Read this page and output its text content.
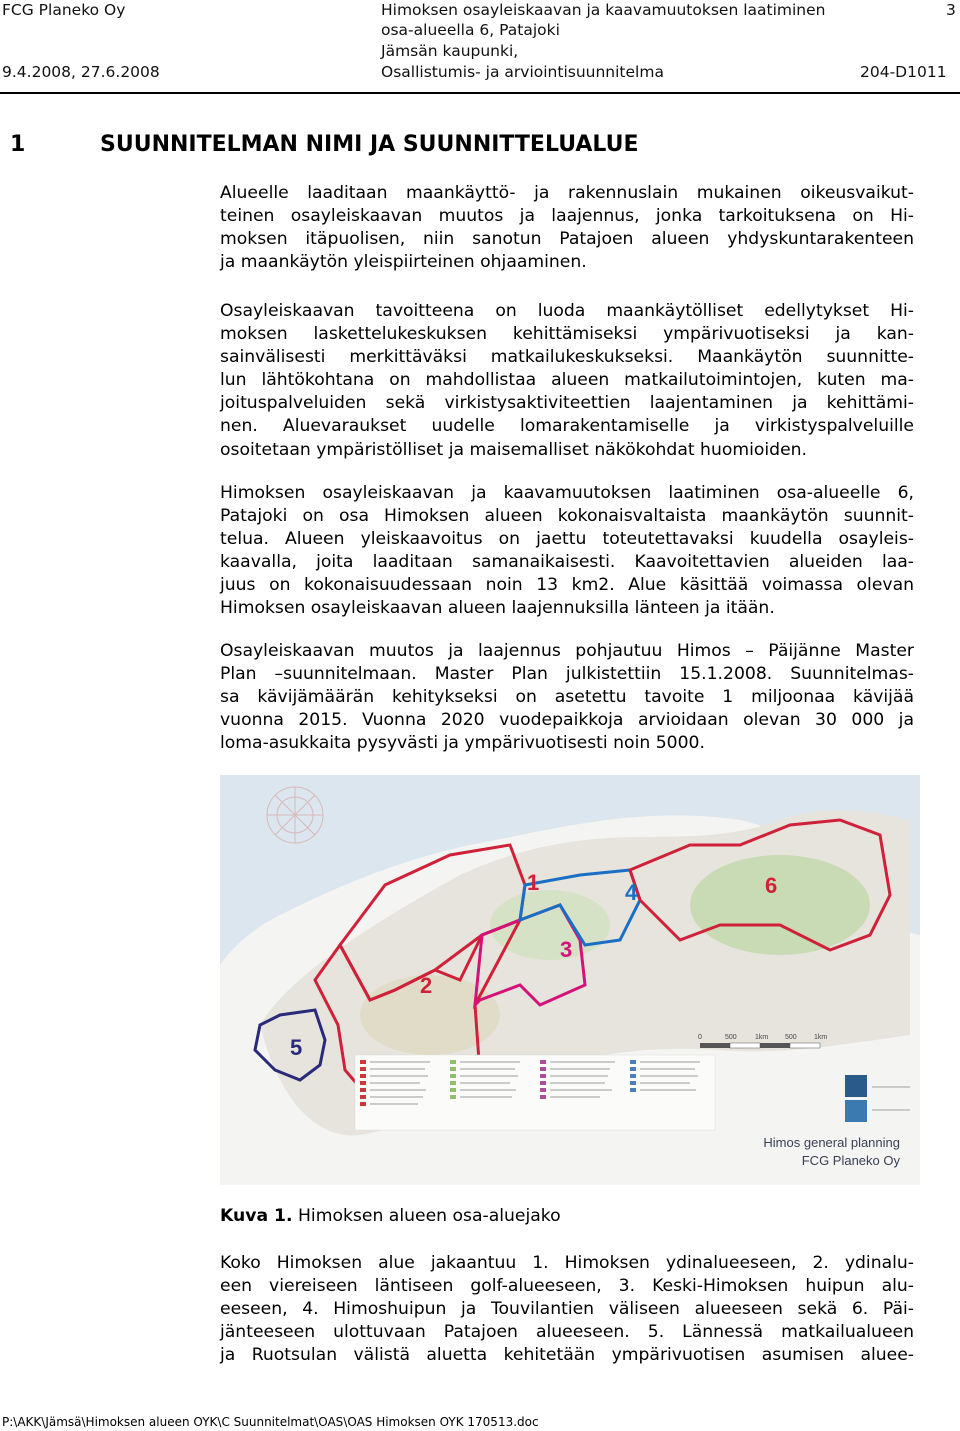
FCG Planeko Oy
9.4.2008, 27.6.2008
Himoksen osayleiskaavan ja kaavamuutoksen laatiminen
osa-alueella 6, Patajoki
Jämsän kaupunki,
Osallistumis- ja arviointisuunnitelma
3
204-D1011
1	SUUNNITELMAN NIMI JA SUUNNITTELUALUE

Alueelle laaditaan maankäyttö- ja rakennuslain mukainen oikeusvaikut-
teinen osayleiskaavan muutos ja laajennus, jonka tarkoituksena on Hi-
moksen itäpuolisen, niin sanotun Patajoen alueen yhdyskuntarakenteen
ja maankäytön yleispiirteinen ohjaaminen.

Osayleiskaavan tavoitteena on luoda maankäytölliset edellytykset Hi-
moksen laskettelukeskuksen kehittämiseksi ympärivuotiseksi ja kan-
sainvälisesti merkittäväksi matkailukeskukseksi. Maankäytön suunnitte-
lun lähtökohtana on mahdollistaa alueen matkailutoimintojen, kuten ma-
joituspalveluiden sekä virkistysaktiviteettien laajentaminen ja kehittämi-
nen. Aluevaraukset uudelle lomarakentamiselle ja virkistyspalveluille
osoitetaan ympäristölliset ja maisemalliset näkökohdat huomioiden.

Himoksen osayleiskaavan ja kaavamuutoksen laatiminen osa-alueelle 6,
Patajoki on osa Himoksen alueen kokonaisvaltaista maankäytön suunnit-
telua. Alueen yleiskaavoitus on jaettu toteutettavaksi kuudella osayleis-
kaavalla, joita laaditaan samanaikaisesti. Kaavoitettavien alueiden laa-
juus on kokonaisuudessaan noin 13 km2. Alue käsittää voimassa olevan
Himoksen osayleiskaavan alueen laajennuksilla länteen ja itään.

Osayleiskaavan muutos ja laajennus pohjautuu Himos – Päijänne Master
Plan –suunnitelmaan. Master Plan julkistettiin 15.1.2008. Suunnitelmas-
sa kävijämäärän kehitykseksi on asetettu tavoite 1 miljoonaa kävijää
vuonna 2015. Vuonna 2020 vuodepaikkoja arvioidaan olevan 30 000 ja
loma-asukkaita pysyvästi ja ympärivuotisesti noin 5000.

1
2
3
4
5
6
0	500	1km 500 1km
Himos general planning
FCG Planeko Oy
Kuva 1. Himoksen alueen osa-aluejako

Koko Himoksen alue jakaantuu 1. Himoksen ydinalueeseen, 2. ydinalu-
een viereiseen läntiseen golf-alueeseen, 3. Keski-Himoksen huipun alu-
eeseen, 4. Himoshuipun ja Touvilantien väliseen alueeseen sekä 6. Päi-
jänteeseen ulottuvaan Patajoen alueeseen. 5. Lännessä matkailualueen
ja Ruotsulan välistä aluetta kehitetään ympärivuotisen asumisen aluee-

P:\AKK\Jämsä\Himoksen alueen OYK\C Suunnitelmat\OAS\OAS Himoksen OYK 170513.doc
